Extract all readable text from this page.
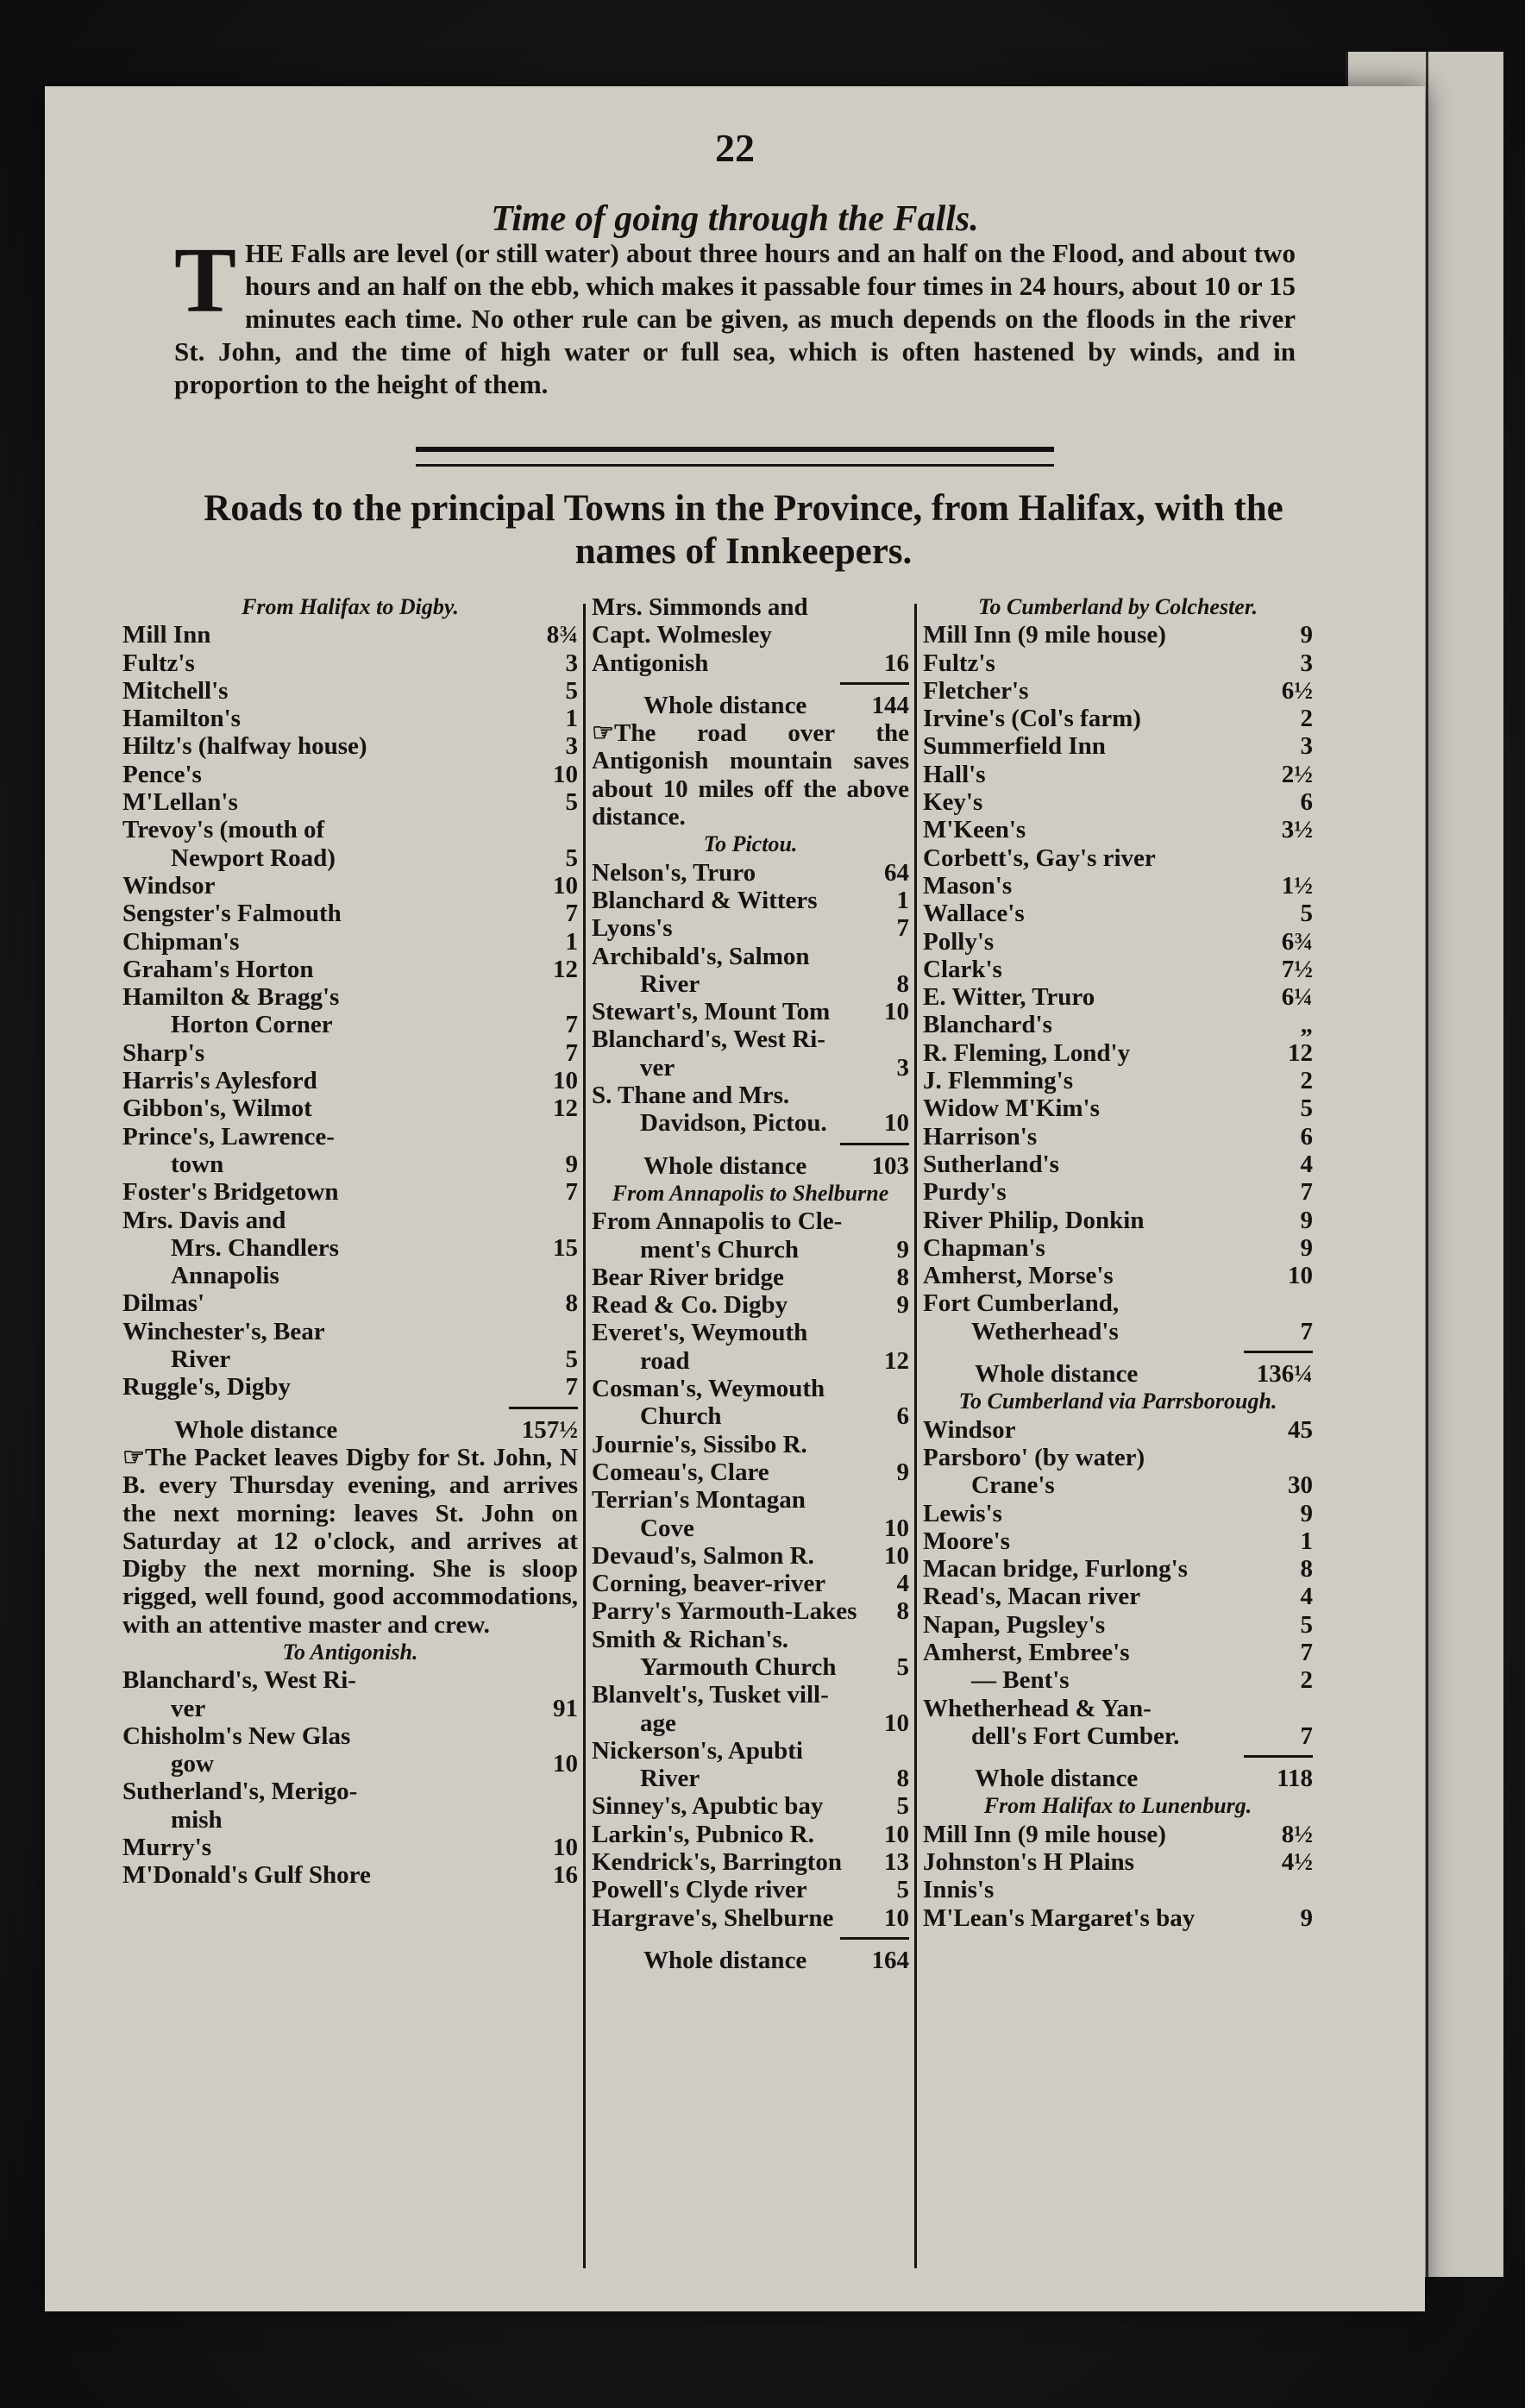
22
Time of going through the Falls.
THE Falls are level (or still water) about three hours and an half on the Flood, and about two hours and an half on the ebb, which makes it passable four times in 24 hours, about 10 or 15 minutes each time. No other rule can be given, as much depends on the floods in the river St. John, and the time of high water or full sea, which is often hastened by winds, and in proportion to the height of them.
Roads to the principal Towns in the Province, from Halifax, with the names of Innkeepers.
From Halifax to Digby.
Mill Inn	8¾
Fultz's	3
Mitchell's	5
Hamilton's	1
Hiltz's (halfway house)	3
Pence's	10
M'Lellan's	5
Trevoy's (mouth of
Newport Road)	5
Windsor	10
Sengster's Falmouth	7
Chipman's	1
Graham's Horton	12
Hamilton & Bragg's
Horton Corner	7
Sharp's	7
Harris's Aylesford	10
Gibbon's, Wilmot	12
Prince's, Lawrence-
town	9
Foster's Bridgetown	7
Mrs. Davis and
Mrs. Chandlers	15
Annapolis
Dilmas'	8
Winchester's, Bear
River	5
Ruggle's, Digby	7
Whole distance	157½
☞The Packet leaves Digby for St. John, N B. every Thursday evening, and arrives the next morning: leaves St. John on Saturday at 12 o'clock, and arrives at Digby the next morning. She is sloop rigged, well found, good accommodations, with an attentive master and crew.
To Antigonish.
Blanchard's, West Ri-
ver	91
Chisholm's New Glas
gow	10
Sutherland's, Merigo-
mish
Murry's	10
M'Donald's Gulf Shore	16
Mrs. Simmonds and
Capt. Wolmesley
Antigonish	16
Whole distance	144
☞The road over the Antigonish mountain saves about 10 miles off the above distance.
To Pictou.
Nelson's, Truro	64
Blanchard & Witters	1
Lyons's	7
Archibald's, Salmon
River	8
Stewart's, Mount Tom 10
Blanchard's, West Ri-
ver	3
S. Thane and Mrs.
Davidson, Pictou. 10
Whole distance	103
From Annapolis to Shelburne
From Annapolis to Cle-
ment's Church	9
Bear River bridge	8
Read & Co. Digby	9
Everet's, Weymouth
road	12
Cosman's, Weymouth
Church	6
Journie's, Sissibo R.
Comeau's, Clare	9
Terrian's Montagan
Cove	10
Devaud's, Salmon R.	10
Corning, beaver-river	4
Parry's Yarmouth-Lakes 8
Smith & Richan's.
Yarmouth Church 5
Blanvelt's, Tusket vill-
age	10
Nickerson's, Apubti
River	8
Sinney's, Apubtic bay	5
Larkin's, Pubnico R.	10
Kendrick's, Barrington 13
Powell's Clyde river	5
Hargrave's, Shelburne 10
Whole distance	164
To Cumberland by Colchester.
Mill Inn (9 mile house)	9
Fultz's	3
Fletcher's	6½
Irvine's (Col's farm)	2
Summerfield Inn	3
Hall's	2½
Key's	6
M'Keen's	3½
Corbett's, Gay's river
Mason's	1½
Wallace's	5
Polly's	6¾
Clark's	7½
E. Witter, Truro	6¼
Blanchard's	„
R. Fleming, Lond'y	12
J. Flemming's	2
Widow M'Kim's	5
Harrison's	6
Sutherland's	4
Purdy's	7
River Philip, Donkin	9
Chapman's	9
Amherst, Morse's	10
Fort Cumberland,
Wetherhead's	7
Whole distance	136¼
To Cumberland via Parrsborough.
Windsor	45
Parsboro' (by water)
Crane's	30
Lewis's	9
Moore's	1
Macan bridge, Furlong's	8
Read's, Macan river	4
Napan, Pugsley's	5
Amherst, Embree's	7
— Bent's	2
Whetherhead & Yan-
dell's Fort Cumber.	7
Whole distance	118
From Halifax to Lunenburg.
Mill Inn (9 mile house)	8½
Johnston's H Plains	4½
Innis's
M'Lean's Margaret's bay	9
